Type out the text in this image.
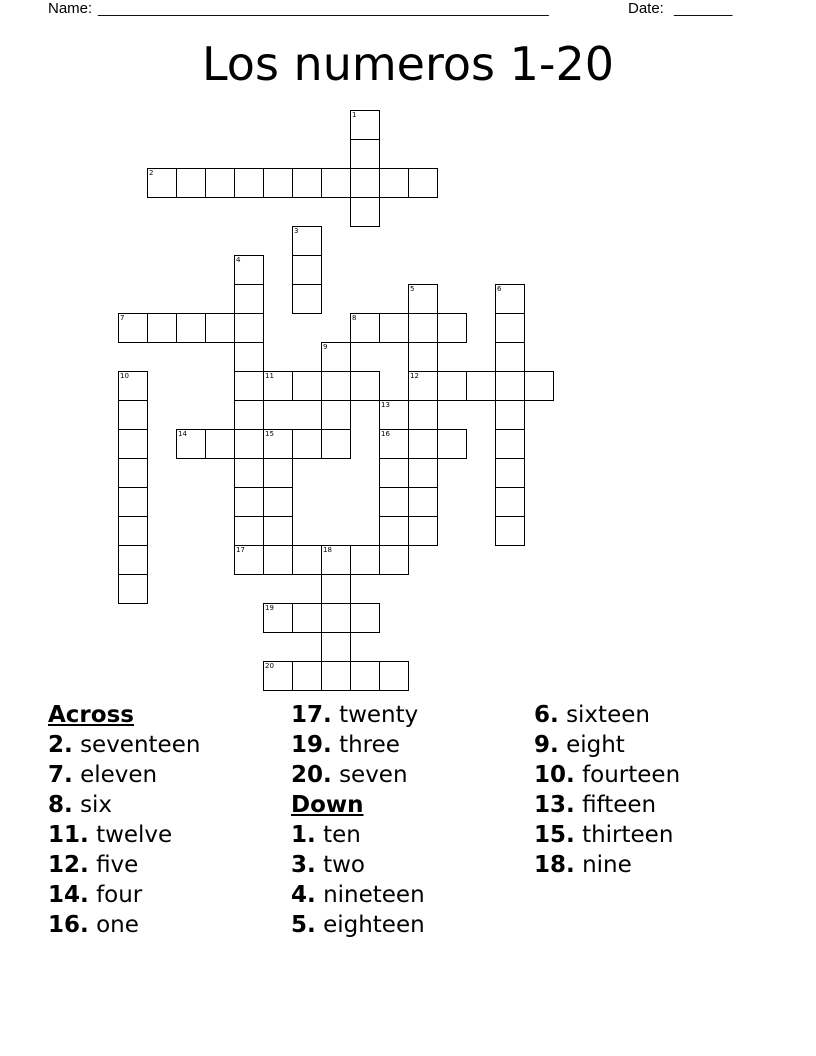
Name: ________________________________________________________	Date: _______
Los numeros 1-20
1
2
3
4
5
12
6
7	8
9
10	11
13
16
14	15
17	18
19
20
Across
2. seventeen
7. eleven
8. six
11. twelve
12. five
14. four
16. one
17. twenty
19. three
20. seven
Down
1. ten
3. two
4. nineteen
5. eighteen
6. sixteen
9. eight
10. fourteen
13. fifteen
15. thirteen
18. nine
